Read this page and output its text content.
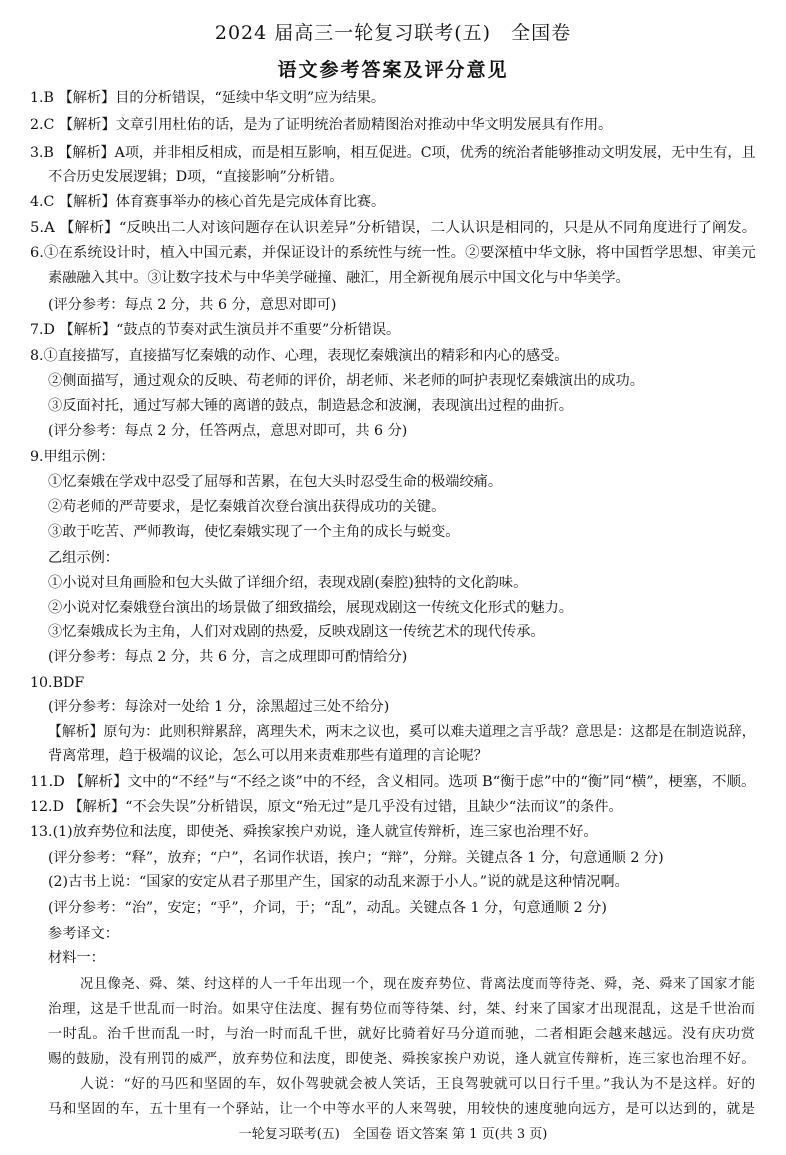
2024 届高三一轮复习联考(五)　全国卷
语文参考答案及评分意见
1.B 【解析】目的分析错误，“延续中华文明”应为结果。
2.C 【解析】文章引用杜佑的话，是为了证明统治者励精图治对推动中华文明发展具有作用。
3.B 【解析】A项，并非相反相成，而是相互影响，相互促进。C项，优秀的统治者能够推动文明发展，无中生有，且
不合历史发展逻辑；D项，“直接影响”分析错。
4.C 【解析】体育赛事举办的核心首先是完成体育比赛。
5.A 【解析】“反映出二人对该问题存在认识差异”分析错误，二人认识是相同的，只是从不同角度进行了阐发。
6.①在系统设计时，植入中国元素，并保证设计的系统性与统一性。②要深植中华文脉，将中国哲学思想、审美元
素融融入其中。③让数字技术与中华美学碰撞、融汇，用全新视角展示中国文化与中华美学。
(评分参考：每点 2 分，共 6 分，意思对即可)
7.D 【解析】“鼓点的节奏对武生演员并不重要”分析错误。
8.①直接描写，直接描写忆秦娥的动作、心理，表现忆秦娥演出的精彩和内心的感受。
②侧面描写，通过观众的反映、苟老师的评价，胡老师、米老师的呵护表现忆秦娥演出的成功。
③反面衬托，通过写郝大锤的离谱的鼓点，制造悬念和波澜，表现演出过程的曲折。
(评分参考：每点 2 分，任答两点，意思对即可，共 6 分)
9.甲组示例：
①忆秦娥在学戏中忍受了屈辱和苦累，在包大头时忍受生命的极端绞痛。
②苟老师的严苛要求，是忆秦娥首次登台演出获得成功的关键。
③敢于吃苦、严师教诲，使忆秦娥实现了一个主角的成长与蜕变。
乙组示例：
①小说对旦角画脸和包大头做了详细介绍，表现戏剧(秦腔)独特的文化韵味。
②小说对忆秦娥登台演出的场景做了细致描绘，展现戏剧这一传统文化形式的魅力。
③忆秦娥成长为主角，人们对戏剧的热爱，反映戏剧这一传统艺术的现代传承。
(评分参考：每点 2 分，共 6 分，言之成理即可酌情给分)
10.BDF
(评分参考：每涂对一处给 1 分，涂黑超过三处不给分)
【解析】原句为：此则积辩累辞，离理失术，两末之议也，奚可以难夫道理之言乎哉？意思是：这都是在制造说辞，
背离常理，趋于极端的议论，怎么可以用来责难那些有道理的言论呢？
11.D 【解析】文中的“不经”与“不经之谈”中的不经，含义相同。选项 B“衡于虑”中的“衡”同“横”，梗塞，不顺。
12.D 【解析】“不会失误”分析错误，原文“殆无过”是几乎没有过错，且缺少“法而议”的条件。
13.(1)放弃势位和法度，即使尧、舜挨家挨户劝说，逢人就宣传辩析，连三家也治理不好。
(评分参考：“释”，放弃；“户”，名词作状语，挨户；“辩”，分辩。关键点各 1 分，句意通顺 2 分)
(2)古书上说：“国家的安定从君子那里产生，国家的动乱来源于小人。”说的就是这种情况啊。
(评分参考：“治”，安定；“乎”，介词，于；“乱”，动乱。关键点各 1 分，句意通顺 2 分)
参考译文：
材料一：
况且像尧、舜、桀、纣这样的人一千年出现一个，现在废弃势位、背离法度而等待尧、舜，尧、舜来了国家才能
治理，这是千世乱而一时治。如果守住法度、握有势位而等待桀、纣，桀、纣来了国家才出现混乱，这是千世治而
一时乱。治千世而乱一时，与治一时而乱千世，就好比骑着好马分道而驰，二者相距会越来越远。没有庆功赏
赐的鼓励，没有刑罚的威严，放弃势位和法度，即使尧、舜挨家挨户劝说，逢人就宣传辩析，连三家也治理不好。
人说：“好的马匹和坚固的车，奴仆驾驶就会被人笑话，王良驾驶就可以日行千里。”我认为不是这样。好的
马和坚固的车，五十里有一个驿站，让一个中等水平的人来驾驶，用较快的速度驰向远方，是可以达到的，就是
一轮复习联考(五)　全国卷 语文答案 第 1 页(共 3 页)
